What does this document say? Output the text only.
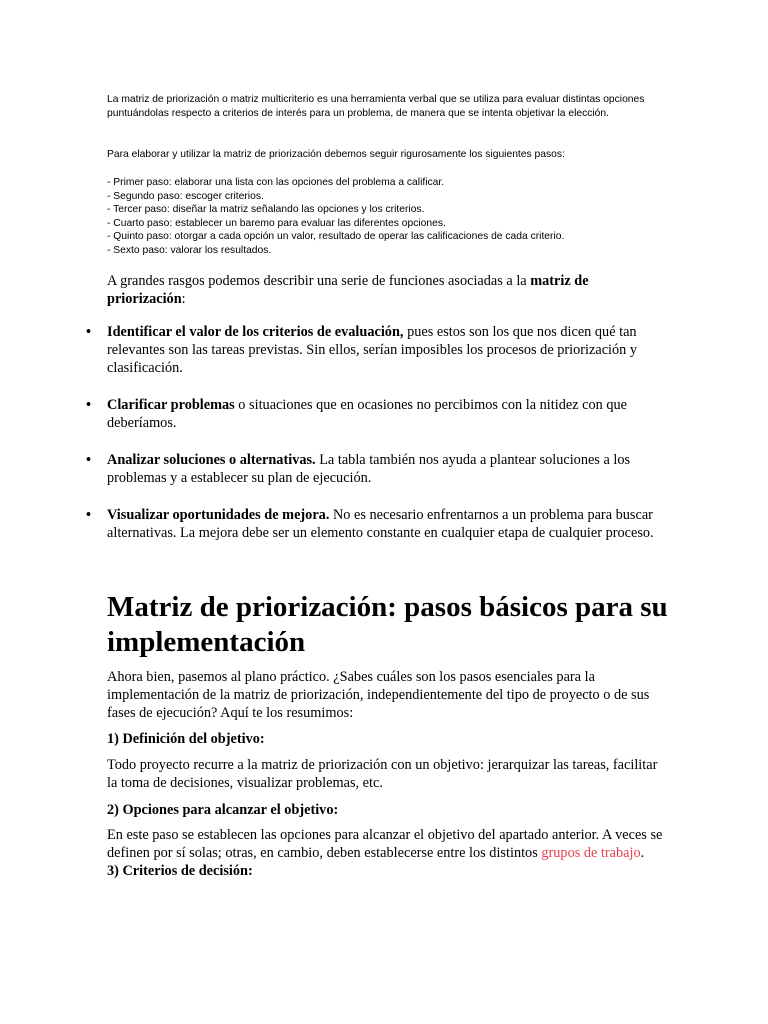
La matriz de priorización o matriz multicriterio es una herramienta verbal que se utiliza para evaluar distintas opciones puntuándolas respecto a criterios de interés para un problema, de manera que se intenta objetivar la elección.

Para elaborar y utilizar la matriz de priorización debemos seguir rigurosamente los siguientes pasos:

- Primer paso: elaborar una lista con las opciones del problema a calificar.
- Segundo paso: escoger criterios.
- Tercer paso: diseñar la matriz señalando las opciones y los criterios.
- Cuarto paso: establecer un baremo para evaluar las diferentes opciones.
- Quinto paso: otorgar a cada opción un valor, resultado de operar las calificaciones de cada criterio.
- Sexto paso: valorar los resultados.

A grandes rasgos podemos describir una serie de funciones asociadas a la matriz de priorización:

• Identificar el valor de los criterios de evaluación, pues estos son los que nos dicen qué tan relevantes son las tareas previstas. Sin ellos, serían imposibles los procesos de priorización y clasificación.
• Clarificar problemas o situaciones que en ocasiones no percibimos con la nitidez con que deberíamos.
• Analizar soluciones o alternativas. La tabla también nos ayuda a plantear soluciones a los problemas y a establecer su plan de ejecución.
• Visualizar oportunidades de mejora. No es necesario enfrentarnos a un problema para buscar alternativas. La mejora debe ser un elemento constante en cualquier etapa de cualquier proceso.
Matriz de priorización: pasos básicos para su implementación

Ahora bien, pasemos al plano práctico. ¿Sabes cuáles son los pasos esenciales para la implementación de la matriz de priorización, independientemente del tipo de proyecto o de sus fases de ejecución? Aquí te los resumimos:

1) Definición del objetivo:

Todo proyecto recurre a la matriz de priorización con un objetivo: jerarquizar las tareas, facilitar la toma de decisiones, visualizar problemas, etc.

2) Opciones para alcanzar el objetivo:

En este paso se establecen las opciones para alcanzar el objetivo del apartado anterior. A veces se definen por sí solas; otras, en cambio, deben establecerse entre los distintos grupos de trabajo.

3) Criterios de decisión:
